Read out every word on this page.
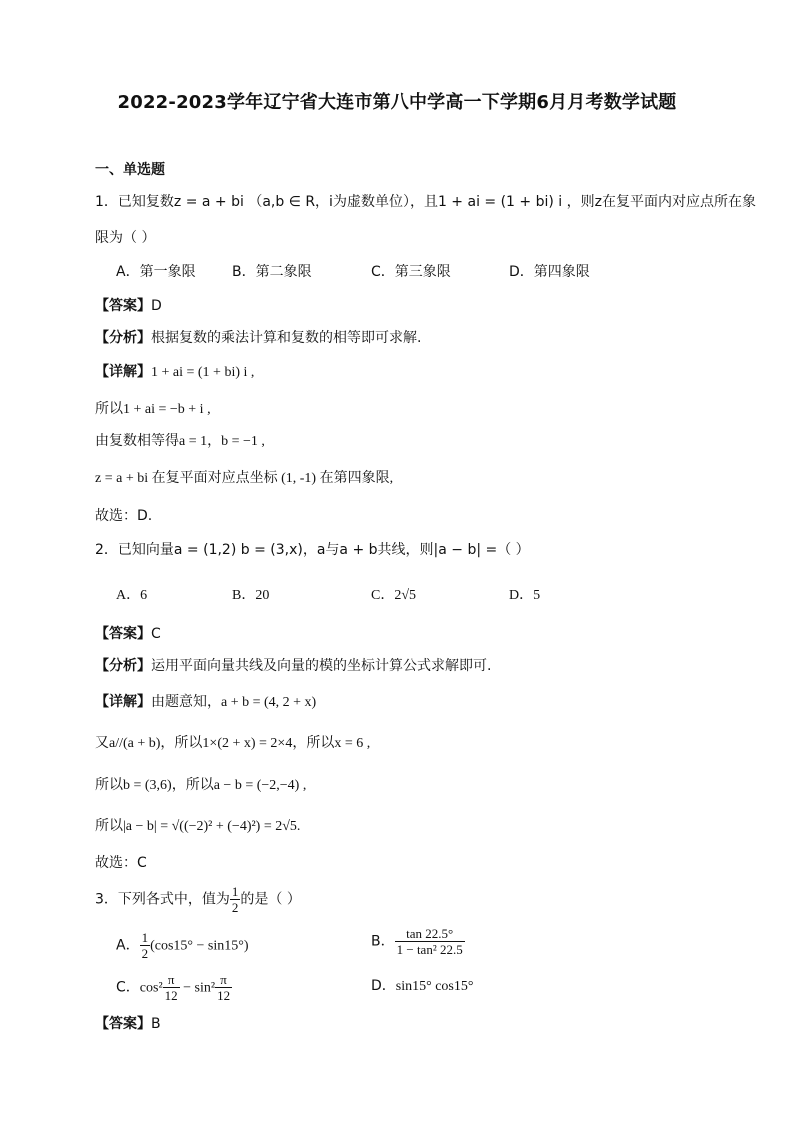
2022-2023学年辽宁省大连市第八中学高一下学期6月月考数学试题
一、单选题
1．已知复数z = a + bi （a,b ∈ R，i为虚数单位），且1 + ai = (1 + bi) i ，则z在复平面内对应点所在象
限为（ ）
A．第一象限	B．第二象限	C．第三象限	D．第四象限
【答案】D
【分析】根据复数的乘法计算和复数的相等即可求解.
【详解】1 + ai = (1 + bi) i ,
所以1 + ai = −b + i ,
由复数相等得a = 1，b = −1 ,
z = a + bi 在复平面对应点坐标 (1, -1) 在第四象限,
故选：D.
2．已知向量a = (1,2) b = (3,x)，a与a + b共线，则|a − b| =（ ）
A．6	B．20	C．2√5	D．5
【答案】C
【分析】运用平面向量共线及向量的模的坐标计算公式求解即可.
【详解】由题意知，a + b = (4, 2 + x)
又a//(a + b)，所以1×(2 + x) = 2×4，所以x = 6 ,
所以b = (3,6)，所以a − b = (−2,−4) ,
所以|a − b| = √((−2)² + (−4)²) = 2√5.
故选：C
3．下列各式中，值为 $\frac{1}{2}$ 的是（ ）
A． $\frac{1}{2} (\cos 15^\circ - \sin 15^\circ)$	B． $\frac{\tan 22.5^\circ}{\text{1 − tan² 22.5}}$
C．$\cos^2 \frac{\pi}{12} - \sin^2 \frac{\pi}{12}$	D．sin15° cos15°
【答案】B
